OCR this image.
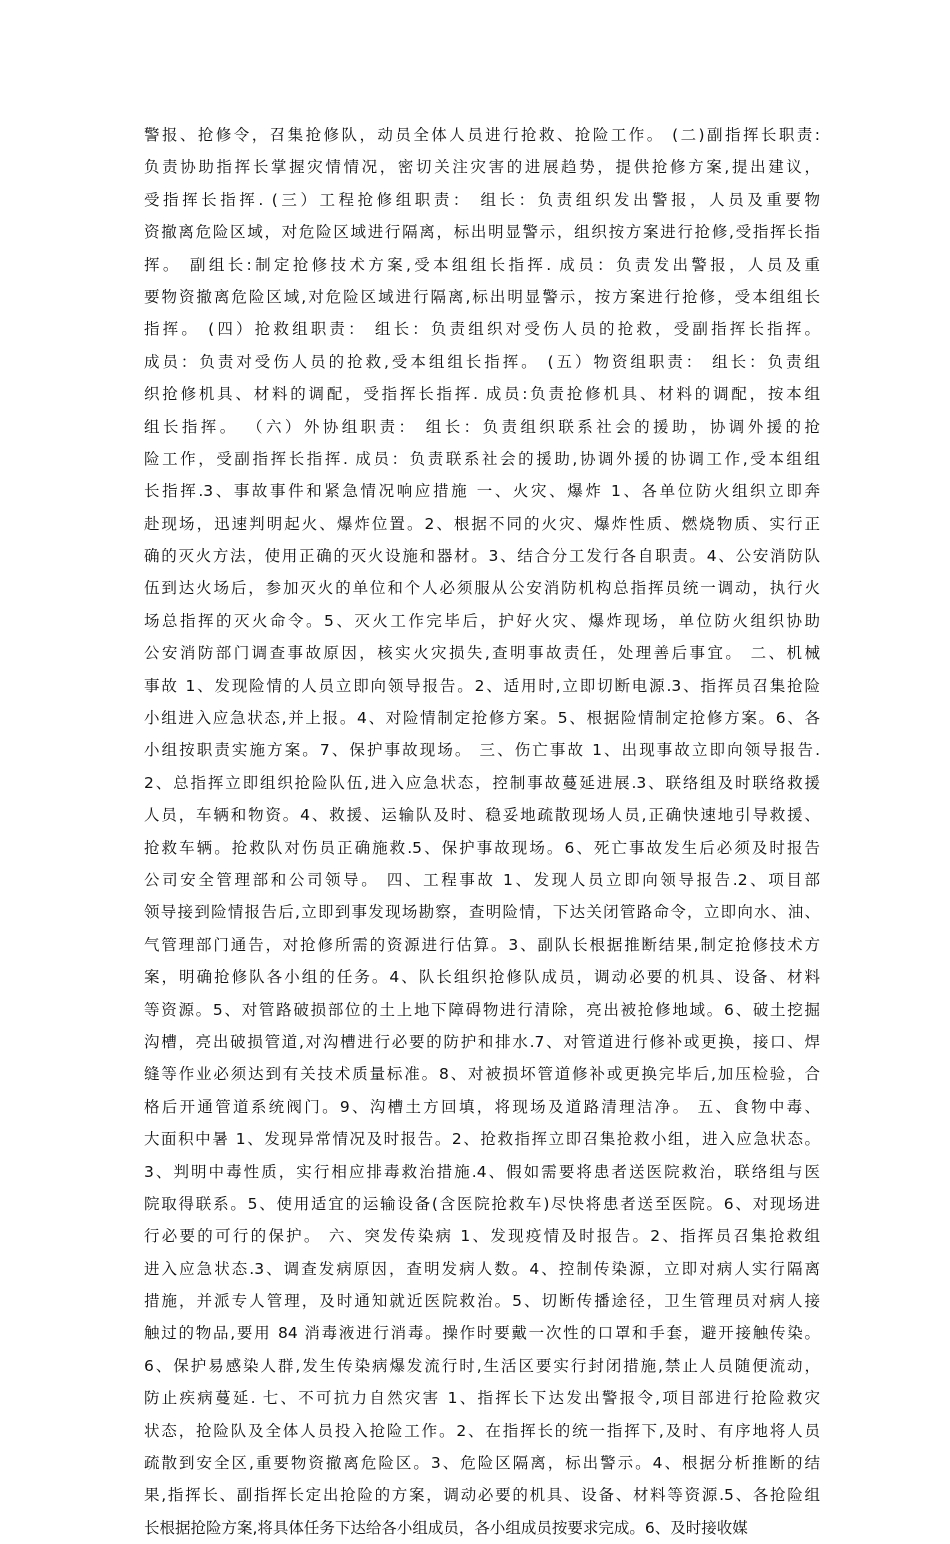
警报、抢修令，召集抢修队，动员全体人员进行抢救、抢险工作。 (二)副指挥长职责:
负责协助指挥长掌握灾情情况，密切关注灾害的进展趋势，提供抢修方案,提出建议，
受指挥长指挥. (三）工程抢修组职责： 组长：负责组织发出警报，人员及重要物
资撤离危险区域，对危险区域进行隔离，标出明显警示，组织按方案进行抢修,受指挥长指
挥。 副组长:制定抢修技术方案,受本组组长指挥. 成员：负责发出警报，人员及重
要物资撤离危险区域,对危险区域进行隔离,标出明显警示，按方案进行抢修，受本组组长
指挥。 (四）抢救组职责： 组长：负责组织对受伤人员的抢救，受副指挥长指挥。
成员：负责对受伤人员的抢救,受本组组长指挥。 (五）物资组职责： 组长：负责组
织抢修机具、材料的调配，受指挥长指挥. 成员:负责抢修机具、材料的调配，按本组
组长指挥。 （六）外协组职责： 组长：负责组织联系社会的援助，协调外援的抢
险工作，受副指挥长指挥. 成员：负责联系社会的援助,协调外援的协调工作,受本组组
长指挥.3、事故事件和紧急情况响应措施 一、火灾、爆炸 1、各单位防火组织立即奔
赴现场，迅速判明起火、爆炸位置。2、根据不同的火灾、爆炸性质、燃烧物质、实行正
确的灭火方法，使用正确的灭火设施和器材。3、结合分工发行各自职责。4、公安消防队
伍到达火场后，参加灭火的单位和个人必须服从公安消防机构总指挥员统一调动，执行火
场总指挥的灭火命令。5、灭火工作完毕后，护好火灾、爆炸现场，单位防火组织协助
公安消防部门调查事故原因，核实火灾损失,查明事故责任，处理善后事宜。 二、机械
事故 1、发现险情的人员立即向领导报告。2、适用时,立即切断电源.3、指挥员召集抢险
小组进入应急状态,并上报。4、对险情制定抢修方案。5、根据险情制定抢修方案。6、各
小组按职责实施方案。7、保护事故现场。 三、伤亡事故 1、出现事故立即向领导报告.
2、总指挥立即组织抢险队伍,进入应急状态，控制事故蔓延进展.3、联络组及时联络救援
人员，车辆和物资。4、救援、运输队及时、稳妥地疏散现场人员,正确快速地引导救援、
抢救车辆。抢救队对伤员正确施救.5、保护事故现场。6、死亡事故发生后必须及时报告
公司安全管理部和公司领导。 四、工程事故 1、发现人员立即向领导报告.2、项目部
领导接到险情报告后,立即到事发现场勘察，查明险情，下达关闭管路命令，立即向水、油、
气管理部门通告，对抢修所需的资源进行估算。3、副队长根据推断结果,制定抢修技术方
案，明确抢修队各小组的任务。4、队长组织抢修队成员，调动必要的机具、设备、材料
等资源。5、对管路破损部位的土上地下障碍物进行清除，亮出被抢修地域。6、破土挖掘
沟槽，亮出破损管道,对沟槽进行必要的防护和排水.7、对管道进行修补或更换，接口、焊
缝等作业必须达到有关技术质量标准。8、对被损坏管道修补或更换完毕后,加压检验，合
格后开通管道系统阀门。9、沟槽土方回填，将现场及道路清理洁净。 五、食物中毒、
大面积中暑 1、发现异常情况及时报告。2、抢救指挥立即召集抢救小组，进入应急状态。
3、判明中毒性质，实行相应排毒救治措施.4、假如需要将患者送医院救治，联络组与医
院取得联系。5、使用适宜的运输设备(含医院抢救车)尽快将患者送至医院。6、对现场进
行必要的可行的保护。 六、突发传染病 1、发现疫情及时报告。2、指挥员召集抢救组
进入应急状态.3、调查发病原因，查明发病人数。4、控制传染源，立即对病人实行隔离
措施，并派专人管理，及时通知就近医院救治。5、切断传播途径，卫生管理员对病人接
触过的物品,要用 84 消毒液进行消毒。操作时要戴一次性的口罩和手套，避开接触传染。
6、保护易感染人群,发生传染病爆发流行时,生活区要实行封闭措施,禁止人员随便流动，
防止疾病蔓延. 七、不可抗力自然灾害 1、指挥长下达发出警报令,项目部进行抢险救灾
状态，抢险队及全体人员投入抢险工作。2、在指挥长的统一指挥下,及时、有序地将人员
疏散到安全区,重要物资撤离危险区。3、危险区隔离，标出警示。4、根据分析推断的结
果,指挥长、副指挥长定出抢险的方案，调动必要的机具、设备、材料等资源.5、各抢险组
长根据抢险方案,将具体任务下达给各小组成员，各小组成员按要求完成。6、及时接收媒
